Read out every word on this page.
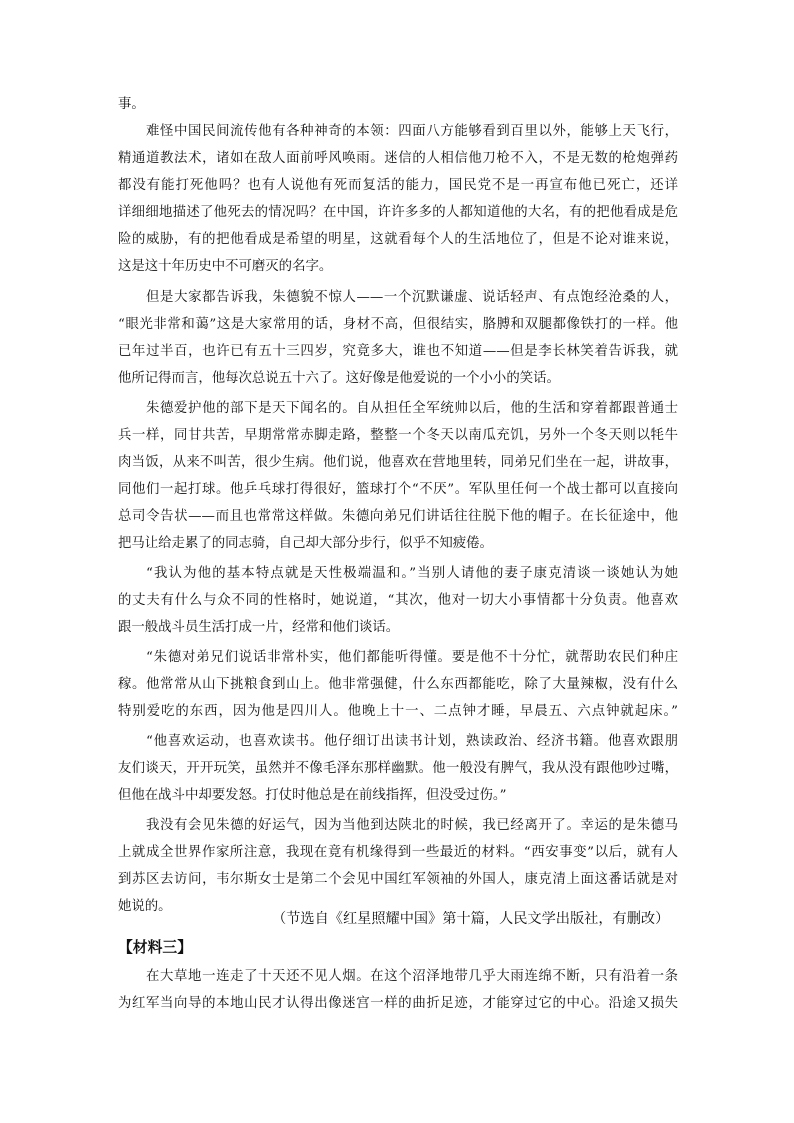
事。
难怪中国民间流传他有各种神奇的本领：四面八方能够看到百里以外，能够上天飞行，
精通道教法术，诸如在敌人面前呼风唤雨。迷信的人相信他刀枪不入，不是无数的枪炮弹药
都没有能打死他吗？也有人说他有死而复活的能力，国民党不是一再宣布他已死亡，还详
详细细地描述了他死去的情况吗？在中国，许许多多的人都知道他的大名，有的把他看成是危
险的威胁，有的把他看成是希望的明星，这就看每个人的生活地位了，但是不论对谁来说，
这是这十年历史中不可磨灭的名字。
但是大家都告诉我，朱德貌不惊人——一个沉默谦虚、说话轻声、有点饱经沧桑的人，
“眼光非常和蔼”这是大家常用的话，身材不高，但很结实，胳膊和双腿都像铁打的一样。他
已年过半百，也许已有五十三四岁，究竟多大，谁也不知道——但是李长林笑着告诉我，就
他所记得而言，他每次总说五十六了。这好像是他爱说的一个小小的笑话。
朱德爱护他的部下是天下闻名的。自从担任全军统帅以后，他的生活和穿着都跟普通士
兵一样，同甘共苦，早期常常赤脚走路，整整一个冬天以南瓜充饥，另外一个冬天则以牦牛
肉当饭，从来不叫苦，很少生病。他们说，他喜欢在营地里转，同弟兄们坐在一起，讲故事，
同他们一起打球。他乒乓球打得很好，篮球打个“不厌”。军队里任何一个战士都可以直接向
总司令告状——而且也常常这样做。朱德向弟兄们讲话往往脱下他的帽子。在长征途中，他
把马让给走累了的同志骑，自己却大部分步行，似乎不知疲倦。
“我认为他的基本特点就是天性极端温和。”当别人请他的妻子康克清谈一谈她认为她
的丈夫有什么与众不同的性格时，她说道，“其次，他对一切大小事情都十分负责。他喜欢
跟一般战斗员生活打成一片，经常和他们谈话。
“朱德对弟兄们说话非常朴实，他们都能听得懂。要是他不十分忙，就帮助农民们种庄
稼。他常常从山下挑粮食到山上。他非常强健，什么东西都能吃，除了大量辣椒，没有什么
特别爱吃的东西，因为他是四川人。他晚上十一、二点钟才睡，早晨五、六点钟就起床。”
“他喜欢运动，也喜欢读书。他仔细订出读书计划，熟读政治、经济书籍。他喜欢跟朋
友们谈天，开开玩笑，虽然并不像毛泽东那样幽默。他一般没有脾气，我从没有跟他吵过嘴，
但他在战斗中却要发怒。打仗时他总是在前线指挥，但没受过伤。”
我没有会见朱德的好运气，因为当他到达陕北的时候，我已经离开了。幸运的是朱德马
上就成全世界作家所注意，我现在竟有机缘得到一些最近的材料。“西安事变”以后，就有人
到苏区去访问，韦尔斯女士是第二个会见中国红军领袖的外国人，康克清上面这番话就是对
她说的。
（节选自《红星照耀中国》第十篇，人民文学出版社，有删改）
【材料三】
在大草地一连走了十天还不见人烟。在这个沼泽地带几乎大雨连绵不断，只有沿着一条
为红军当向导的本地山民才认得出像迷宫一样的曲折足迹，才能穿过它的中心。沿途又损失
